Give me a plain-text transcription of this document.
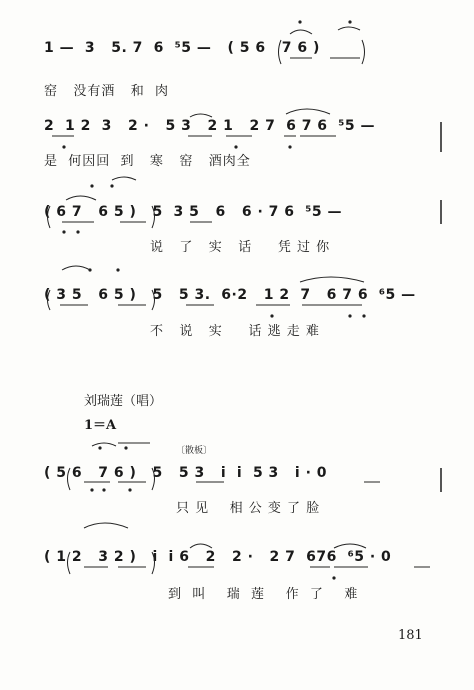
1 —  3   5. 7  6  ⁵5 —   ( 5 6   7 6 )
窑   没有酒   和  肉
2  1 2  3   2 ·   5 3   2 1   2 7  6 7 6  ⁵5 —
是  何因回  到   寒   窑   酒肉全
( 6 7   6 5 )   5  3 5   6   6 · 7 6  ⁵5 —
说   了   实   话     凭 过 你
( 3 5   6 5 )   5   5 3.  6·2   1 2  7   6 7 6  ⁶5 —
不   说   实     话 逃 走 难
刘瑞莲（唱）
1＝A
〔散板〕
( 5 6   7 6 )   5   5 3   i  i  5 3   ⅰ · 0
只 见    相 公 变 了 脸
( 1 2   3 2 )   i  i 6   2   2 ·   2 7  676  ⁶5 · 0
到  叫    瑞  莲    作  了    难
181
